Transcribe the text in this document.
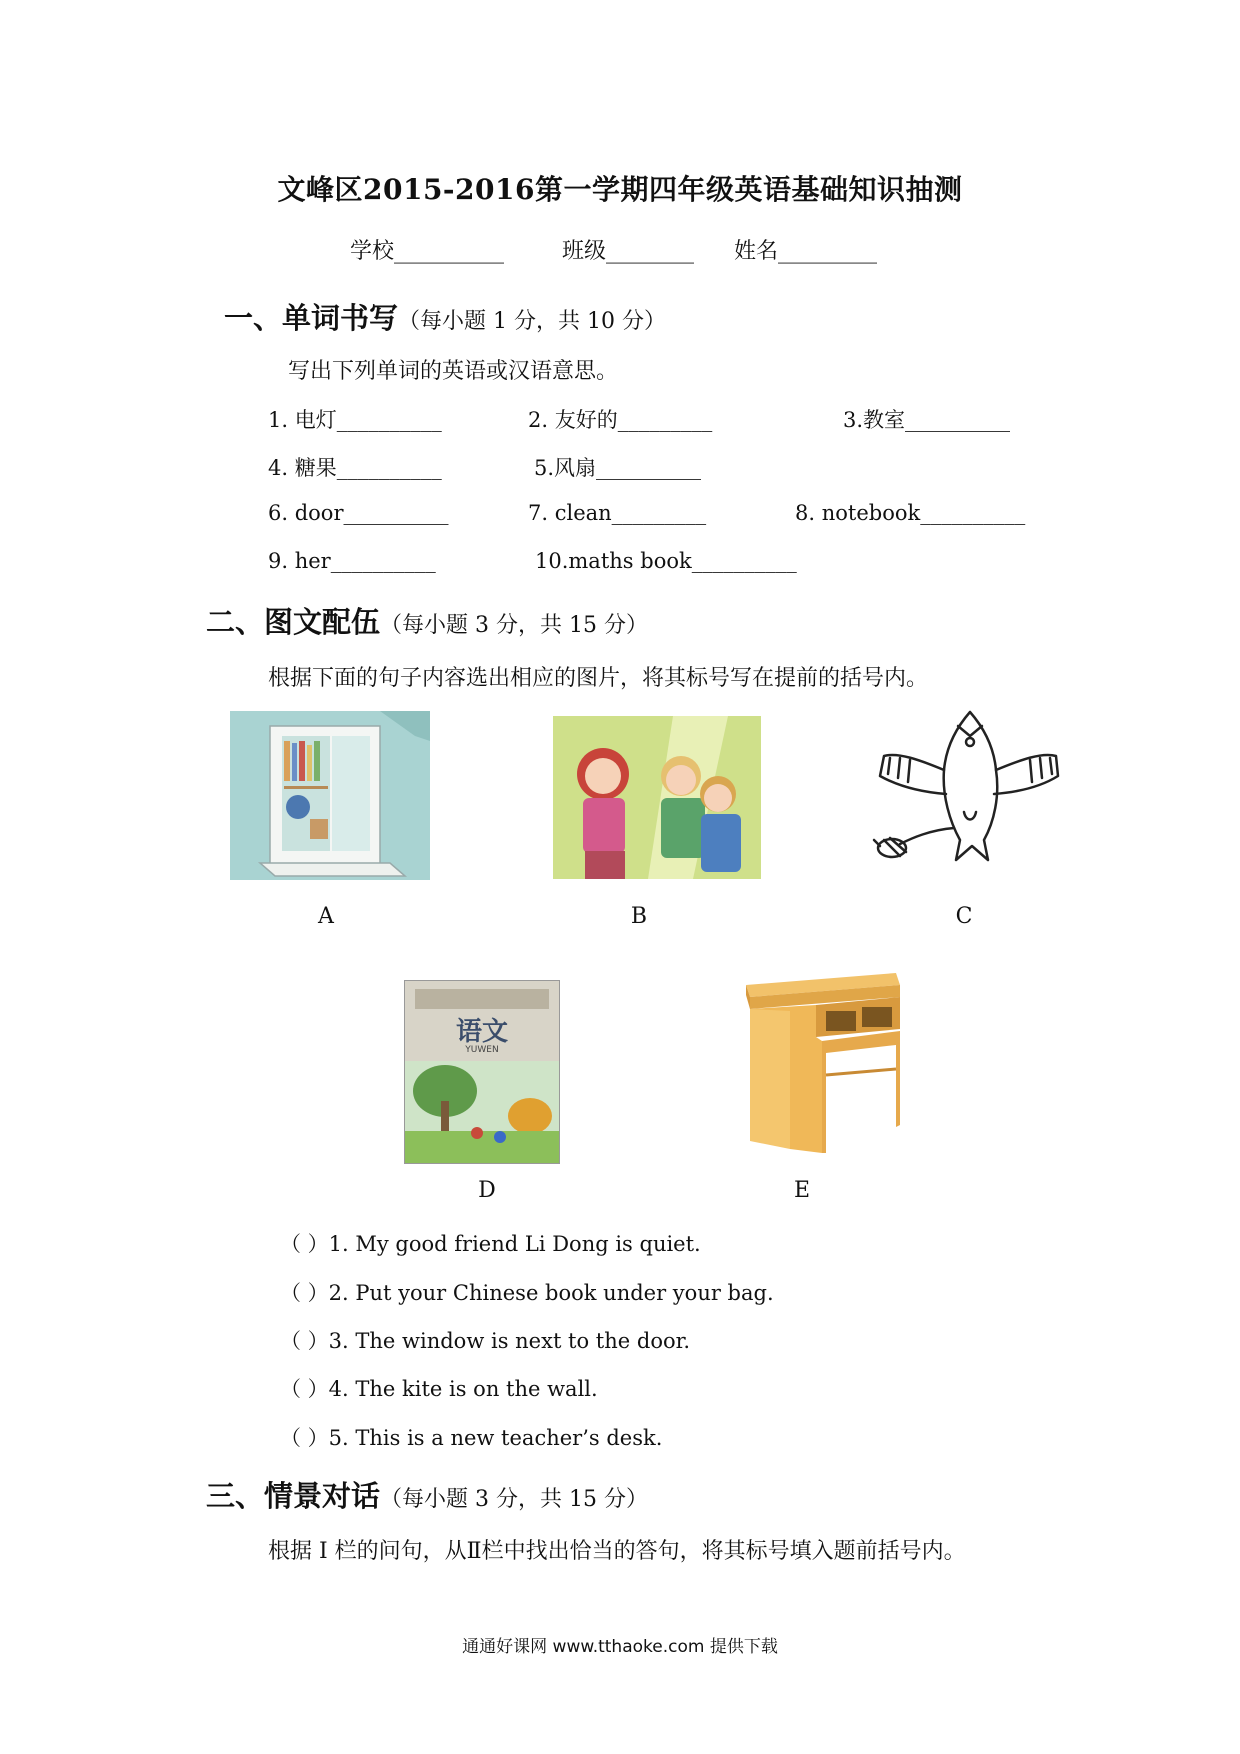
文峰区2015-2016第一学期四年级英语基础知识抽测
学校__________	班级________ 姓名_________
一、单词书写（每小题 1 分，共 10 分）
写出下列单词的英语或汉语意思。
1. 电灯__________	2. 友好的_________	3.教室__________
4. 糖果__________	5.风扇__________
6. door__________	7. clean_________	8. notebook__________
9. her__________	10.maths book__________
二、图文配伍（每小题 3 分，共 15 分）
根据下面的句子内容选出相应的图片，将其标号写在提前的括号内。
A	B	C
语文
YUWEN
D	E
（ ）1. My good friend Li Dong is quiet.
（ ）2. Put your Chinese book under your bag.
（ ）3. The window is next to the door.
（ ）4. The kite is on the wall.
（ ）5. This is a new teacher’s desk.
三、情景对话（每小题 3 分，共 15 分）
根据 I 栏的问句，从Ⅱ栏中找出恰当的答句，将其标号填入题前括号内。
通通好课网 www.tthaoke.com 提供下载
